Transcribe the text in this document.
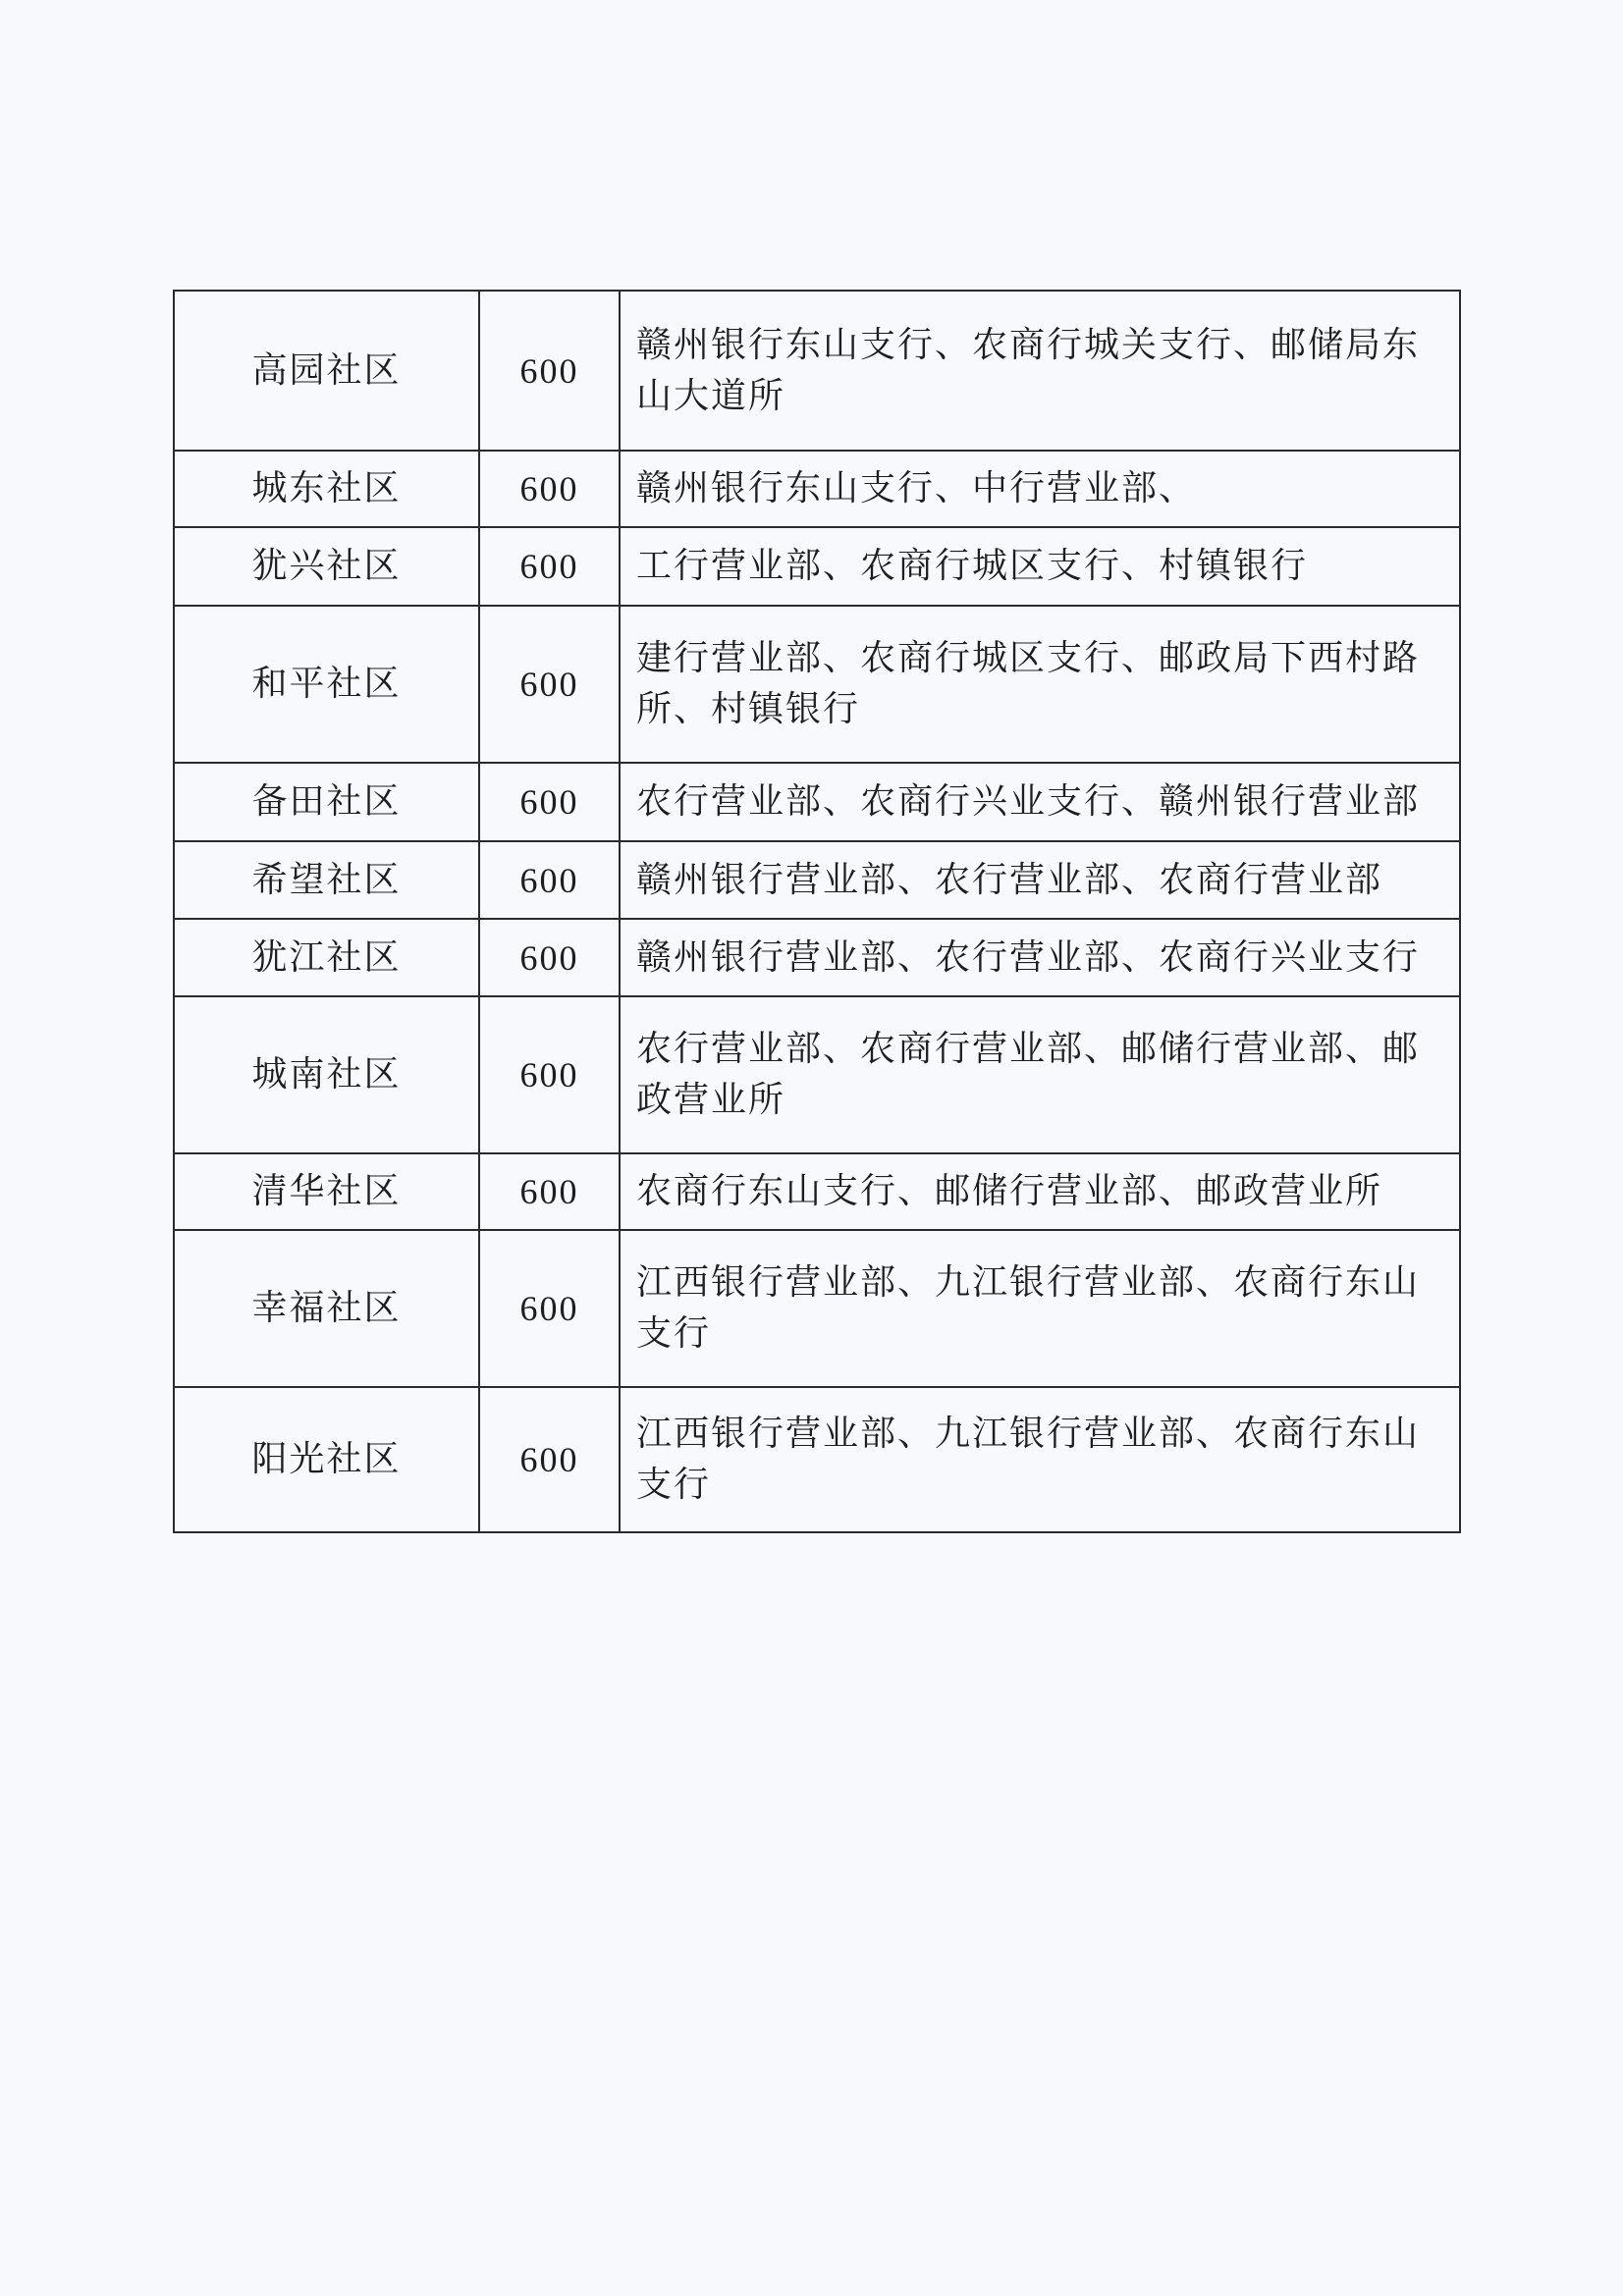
高园社区	600	赣州银行东山支行、农商行城关支行、邮储局东山大道所
城东社区	600	赣州银行东山支行、中行营业部、
犹兴社区	600	工行营业部、农商行城区支行、村镇银行
和平社区	600	建行营业部、农商行城区支行、邮政局下西村路所、村镇银行
备田社区	600	农行营业部、农商行兴业支行、赣州银行营业部
希望社区	600	赣州银行营业部、农行营业部、农商行营业部
犹江社区	600	赣州银行营业部、农行营业部、农商行兴业支行
城南社区	600	农行营业部、农商行营业部、邮储行营业部、邮政营业所
清华社区	600	农商行东山支行、邮储行营业部、邮政营业所
幸福社区	600	江西银行营业部、九江银行营业部、农商行东山支行
阳光社区	600	江西银行营业部、九江银行营业部、农商行东山支行
